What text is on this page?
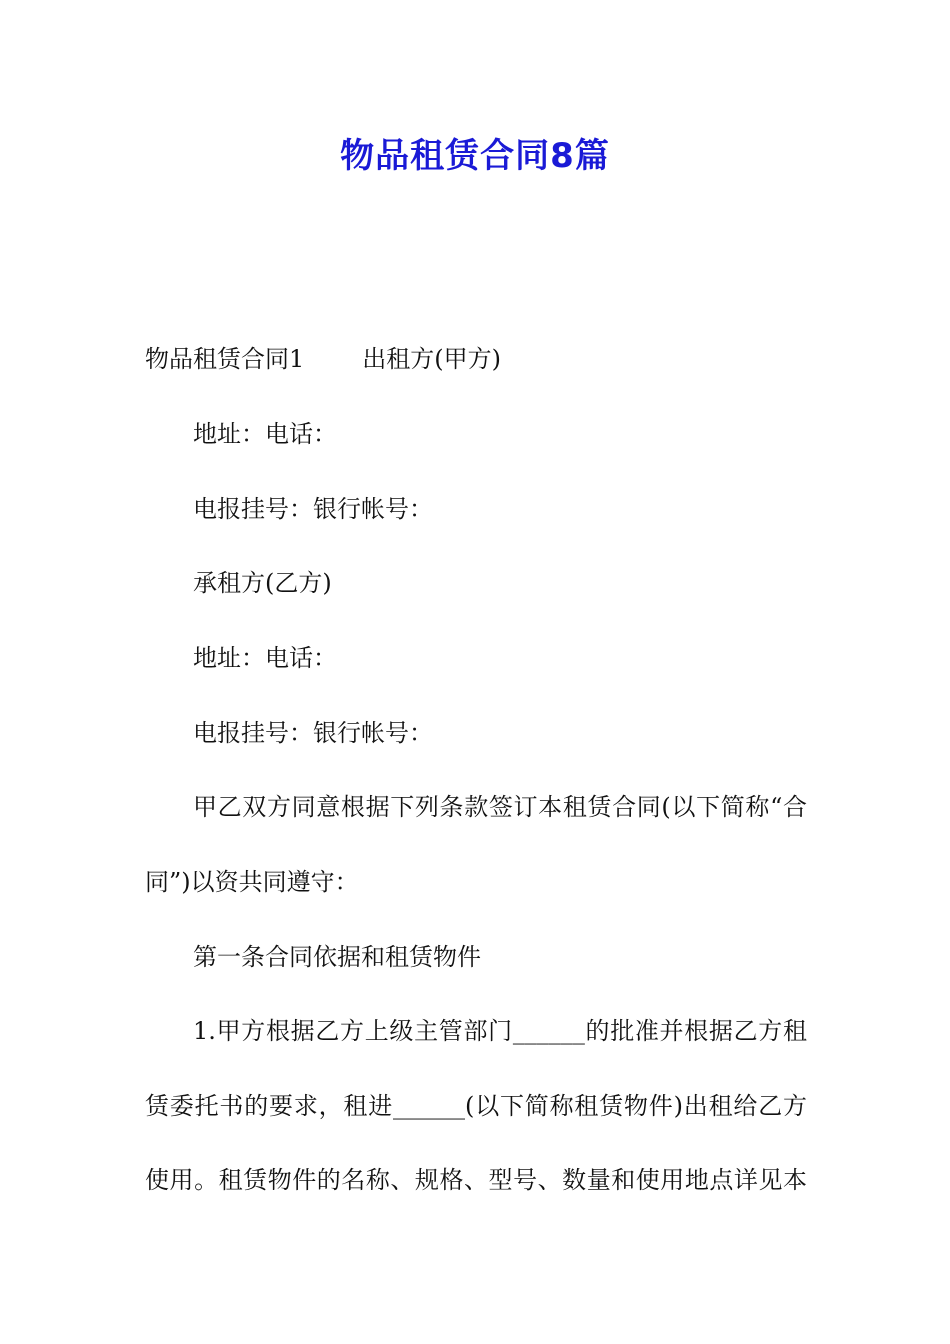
物品租赁合同8篇

物品租赁合同1 出租方(甲方)

地址：电话：

电报挂号：银行帐号：

承租方(乙方)

地址：电话：

电报挂号：银行帐号：

甲乙双方同意根据下列条款签订本租赁合同(以下简称“合

同”)以资共同遵守：

第一条合同依据和租赁物件

1.甲方根据乙方上级主管部门______的批准并根据乙方租

赁委托书的要求，租进______(以下简称租赁物件)出租给乙方

使用。租赁物件的名称、规格、型号、数量和使用地点详见本
